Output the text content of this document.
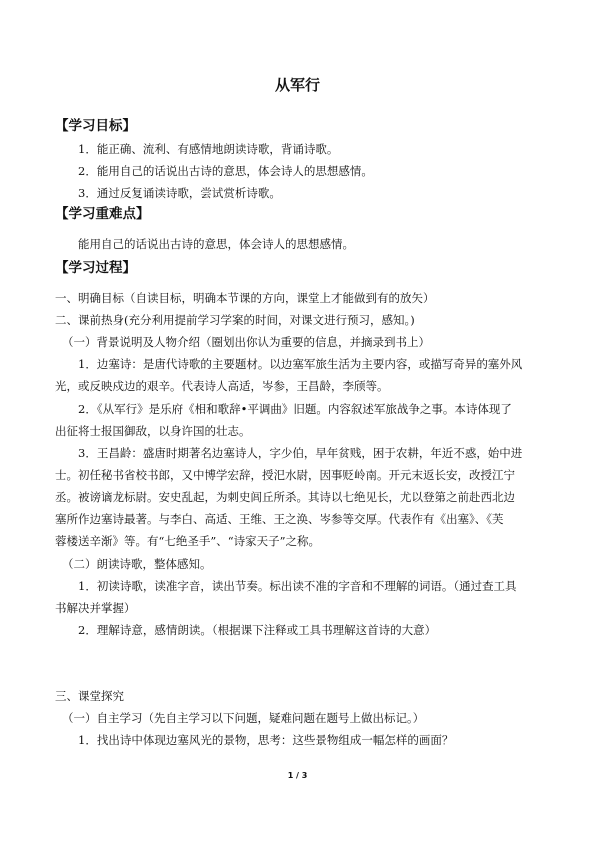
从军行
【学习目标】
1．能正确、流利、有感情地朗读诗歌，背诵诗歌。
2．能用自己的话说出古诗的意思，体会诗人的思想感情。
3．通过反复诵读诗歌，尝试赏析诗歌。
【学习重难点】
能用自己的话说出古诗的意思，体会诗人的思想感情。
【学习过程】
一、明确目标（自读目标，明确本节课的方向，课堂上才能做到有的放矢）
二、课前热身(充分利用提前学习学案的时间，对课文进行预习，感知。)
（一）背景说明及人物介绍（圈划出你认为重要的信息，并摘录到书上）
1．边塞诗：是唐代诗歌的主要题材。以边塞军旅生活为主要内容，或描写奇异的塞外风
光，或反映戍边的艰辛。代表诗人高适，岑参，王昌龄，李颀等。
2．《从军行》是乐府《相和歌辞•平调曲》旧题。内容叙述军旅战争之事。本诗体现了
出征将士报国御敌，以身许国的壮志。
3．王昌龄：盛唐时期著名边塞诗人，字少伯，早年贫贱，困于农耕，年近不惑，始中进
士。初任秘书省校书郎，又中博学宏辞，授汜水尉，因事贬岭南。开元末返长安，改授江宁
丞。被谤谪龙标尉。安史乱起，为刺史闾丘所杀。其诗以七绝见长，尤以登第之前赴西北边
塞所作边塞诗最著。与李白、高适、王维、王之涣、岑参等交厚。代表作有《出塞》、《芙
蓉楼送辛渐》等。有“七绝圣手”、“诗家天子”之称。
（二）朗读诗歌，整体感知。
1．初读诗歌，读准字音，读出节奏。标出读不准的字音和不理解的词语。（通过查工具
书解决并掌握）
2．理解诗意，感情朗读。（根据课下注释或工具书理解这首诗的大意）
三、课堂探究
（一）自主学习（先自主学习以下问题，疑难问题在题号上做出标记。）
1．找出诗中体现边塞风光的景物，思考：这些景物组成一幅怎样的画面？
1 / 3
